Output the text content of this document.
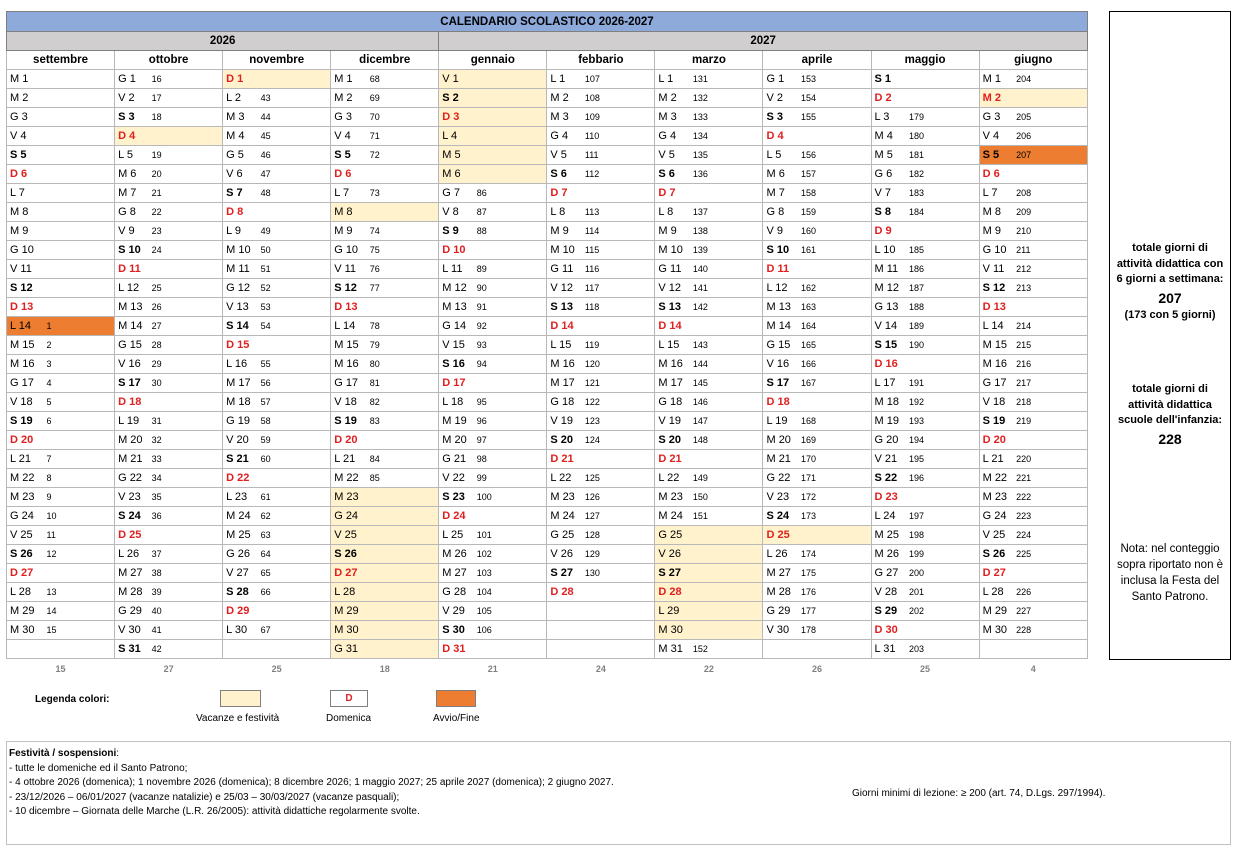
CALENDARIO SCOLASTICO 2026-2027																			
2026								2027											
settembre		ottobre		novembre		dicembre		gennaio		febbario		marzo		aprile		maggio		giugno	
M 1		G 1	16	D 1		M 1	68	V 1		L 1	107	L 1	131	G 1	153	S 1		M 1	204
M 2		V 2	17	L 2	43	M 2	69	S 2		M 2	108	M 2	132	V 2	154	D 2		M 2	
G 3		S 3	18	M 3	44	G 3	70	D 3		M 3	109	M 3	133	S 3	155	L 3	179	G 3	205
V 4		D 4		M 4	45	V 4	71	L 4		G 4	110	G 4	134	D 4		M 4	180	V 4	206
S 5		L 5	19	G 5	46	S 5	72	M 5		V 5	111	V 5	135	L 5	156	M 5	181	S 5	207
D 6		M 6	20	V 6	47	D 6		M 6		S 6	112	S 6	136	M 6	157	G 6	182	D 6	
L 7		M 7	21	S 7	48	L 7	73	G 7	86	D 7		D 7		M 7	158	V 7	183	L 7	208
M 8		G 8	22	D 8		M 8		V 8	87	L 8	113	L 8	137	G 8	159	S 8	184	M 8	209
M 9		V 9	23	L 9	49	M 9	74	S 9	88	M 9	114	M 9	138	V 9	160	D 9		M 9	210
G 10		S 10	24	M 10	50	G 10	75	D 10		M 10	115	M 10	139	S 10	161	L 10	185	G 10	211
V 11		D 11		M 11	51	V 11	76	L 11	89	G 11	116	G 11	140	D 11		M 11	186	V 11	212
S 12		L 12	25	G 12	52	S 12	77	M 12	90	V 12	117	V 12	141	L 12	162	M 12	187	S 12	213
D 13		M 13	26	V 13	53	D 13		M 13	91	S 13	118	S 13	142	M 13	163	G 13	188	D 13	
L 14	1	M 14	27	S 14	54	L 14	78	G 14	92	D 14		D 14		M 14	164	V 14	189	L 14	214
M 15	2	G 15	28	D 15		M 15	79	V 15	93	L 15	119	L 15	143	G 15	165	S 15	190	M 15	215
M 16	3	V 16	29	L 16	55	M 16	80	S 16	94	M 16	120	M 16	144	V 16	166	D 16		M 16	216
G 17	4	S 17	30	M 17	56	G 17	81	D 17		M 17	121	M 17	145	S 17	167	L 17	191	G 17	217
V 18	5	D 18		M 18	57	V 18	82	L 18	95	G 18	122	G 18	146	D 18		M 18	192	V 18	218
S 19	6	L 19	31	G 19	58	S 19	83	M 19	96	V 19	123	V 19	147	L 19	168	M 19	193	S 19	219
D 20		M 20	32	V 20	59	D 20		M 20	97	S 20	124	S 20	148	M 20	169	G 20	194	D 20	
L 21	7	M 21	33	S 21	60	L 21	84	G 21	98	D 21		D 21		M 21	170	V 21	195	L 21	220
M 22	8	G 22	34	D 22		M 22	85	V 22	99	L 22	125	L 22	149	G 22	171	S 22	196	M 22	221
M 23	9	V 23	35	L 23	61	M 23		S 23	100	M 23	126	M 23	150	V 23	172	D 23		M 23	222
G 24	10	S 24	36	M 24	62	G 24		D 24		M 24	127	M 24	151	S 24	173	L 24	197	G 24	223
V 25	11	D 25		M 25	63	V 25		L 25	101	G 25	128	G 25		D 25		M 25	198	V 25	224
S 26	12	L 26	37	G 26	64	S 26		M 26	102	V 26	129	V 26		L 26	174	M 26	199	S 26	225
D 27		M 27	38	V 27	65	D 27		M 27	103	S 27	130	S 27		M 27	175	G 27	200	D 27	
L 28	13	M 28	39	S 28	66	L 28		G 28	104	D 28		D 28		M 28	176	V 28	201	L 28	226
M 29	14	G 29	40	D 29		M 29		V 29	105			L 29		G 29	177	S 29	202	M 29	227
M 30	15	V 30	41	L 30	67	M 30		S 30	106			M 30		V 30	178	D 30		M 30	228
		S 31	42			G 31		D 31				M 31	152			L 31	203		
15		27		25		18		21		24		22		26		25		4	
totale giorni di
attività didattica con
6 giorni a settimana:
207
(173 con 5 giorni)
totale giorni di
attività didattica
scuole dell'infanzia:
228
Nota: nel conteggio
sopra riportato non è
inclusa la Festa del
Santo Patrono.
Legenda colori:
Vacanze e festività
D
Domenica	Avvio/Fine
Festività / sospensioni:
- tutte le domeniche ed il Santo Patrono;
- 4 ottobre 2026 (domenica); 1 novembre 2026 (domenica); 8 dicembre 2026; 1 maggio 2027; 25 aprile 2027 (domenica); 2 giugno 2027.
- 23/12/2026 – 06/01/2027 (vacanze natalizie) e 25/03 – 30/03/2027 (vacanze pasquali);
- 10 dicembre – Giornata delle Marche (L.R. 26/2005): attività didattiche regolarmente svolte.
Giorni minimi di lezione: ≥ 200 (art. 74, D.Lgs. 297/1994).
